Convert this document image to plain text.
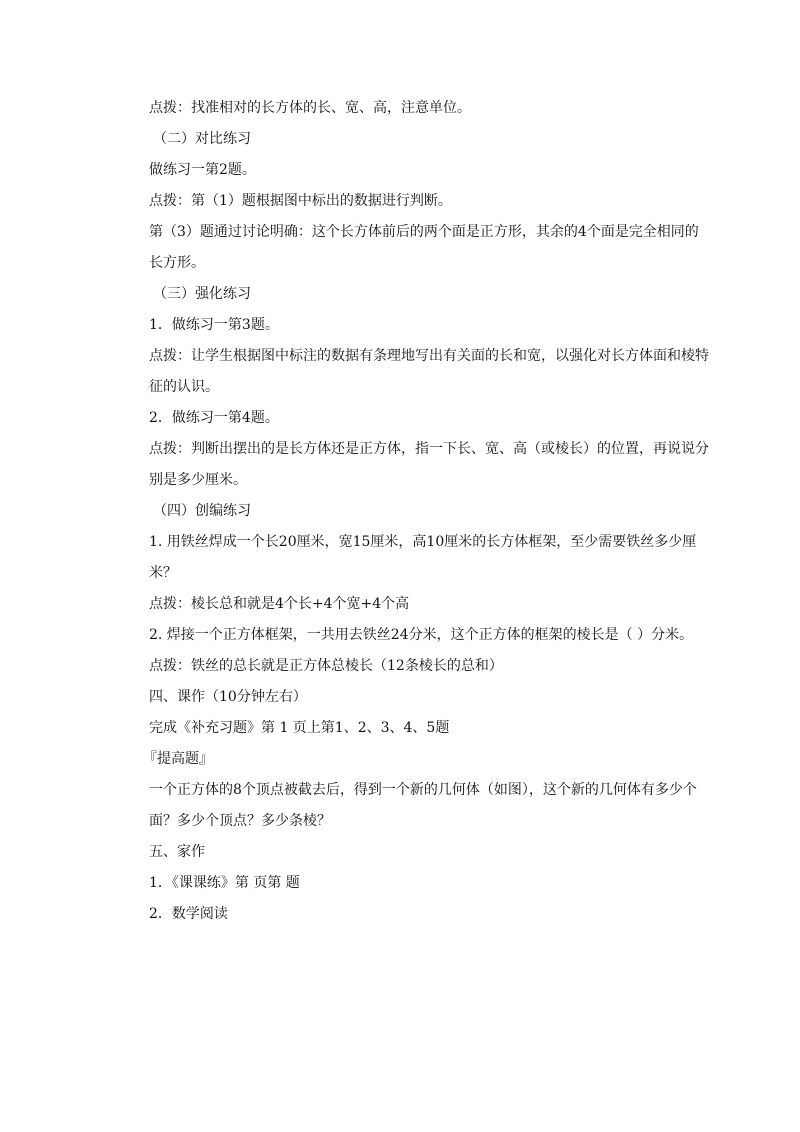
点拨：找准相对的长方体的长、宽、高，注意单位。

（二）对比练习

做练习一第2题。

点拨：第（1）题根据图中标出的数据进行判断。

第（3）题通过讨论明确：这个长方体前后的两个面是正方形，其余的4个面是完全相同的长方形。

（三）强化练习

1．做练习一第3题。

点拨：让学生根据图中标注的数据有条理地写出有关面的长和宽，以强化对长方体面和棱特征的认识。

2．做练习一第4题。

点拨：判断出摆出的是长方体还是正方体，指一下长、宽、高（或棱长）的位置，再说说分别是多少厘米。

（四）创编练习

1. 用铁丝焊成一个长20厘米，宽15厘米，高10厘米的长方体框架，至少需要铁丝多少厘米？

点拨：棱长总和就是4个长+4个宽+4个高

2. 焊接一个正方体框架，一共用去铁丝24分米，这个正方体的框架的棱长是（ ）分米。

点拨：铁丝的总长就是正方体总棱长（12条棱长的总和）

四、课作（10分钟左右）

完成《补充习题》第 1 页上第1、2、3、4、5题

『提高题』

一个正方体的8个顶点被截去后，得到一个新的几何体（如图），这个新的几何体有多少个面？多少个顶点？多少条棱？

五、家作

1．《课课练》第 页第 题

2．数学阅读
